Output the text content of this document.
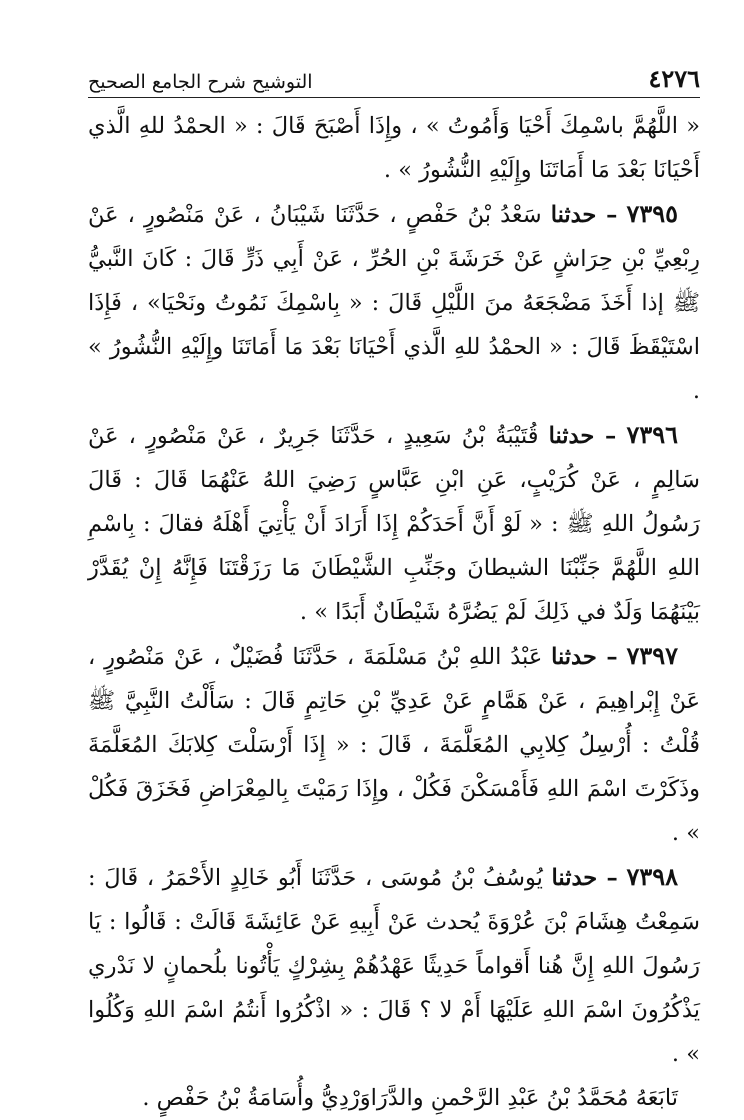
٤٢٧٦
التوشيح شرح الجامع الصحيح

« اللَّهُمَّ باسْمِكَ أَحْيَا وَأَمُوتُ » ، وإِذَا أَصْبَحَ قَالَ : « الحمْدُ للهِ الَّذي أَحْيَانَا بَعْدَ مَا أَمَاتَنَا وإِلَيْهِ النُّشُورُ » .

٧٣٩٥ – حدثنا سَعْدُ بْنُ حَفْصٍ ، حَدَّثَنَا شَيْبَانُ ، عَنْ مَنْصُورٍ ، عَنْ رِبْعِيِّ بْنِ حِرَاشٍ عَنْ خَرَشَةَ بْنِ الحُرِّ ، عَنْ أَبِي ذَرٍّ قَالَ : كَانَ النَّبيُّ ﷺ إذا أَخَذَ مَضْجَعَهُ منَ اللَّيْلِ قَالَ : « بِاسْمِكَ نَمُوتُ ونَحْيَا» ، فَإِذَا اسْتَيْقَظَ قَالَ : « الحمْدُ للهِ الَّذي أَحْيَانَا بَعْدَ مَا أَمَاتَنَا وإِلَيْهِ النُّشُورُ » .

٧٣٩٦ – حدثنا قُتَيْبَةُ بْنُ سَعِيدٍ ، حَدَّثَنَا جَرِيرٌ ، عَنْ مَنْصُورٍ ، عَنْ سَالِمٍ ، عَنْ كُرَيْبٍ، عَنِ ابْنِ عَبَّاسٍ رَضِيَ اللهُ عَنْهُمَا قَالَ : قَالَ رَسُولُ اللهِ ﷺ : « لَوْ أَنَّ أَحَدَكُمْ إِذَا أَرَادَ أَنْ يَأْتِيَ أَهْلَهُ فقالَ : بِاسْمِ اللهِ اللَّهُمَّ جَنِّبْنَا الشيطانَ وجَنِّبِ الشَّيْطَانَ مَا رَزَقْتَنَا فَإِنَّهُ إِنْ يُقَدَّرْ بَيْنَهُمَا وَلَدٌ في ذَلِكَ لَمْ يَضُرَّهُ شَيْطَانٌ أَبَدًا » .

٧٣٩٧ – حدثنا عَبْدُ اللهِ بْنُ مَسْلَمَةَ ، حَدَّثَنَا فُضَيْلٌ ، عَنْ مَنْصُورٍ ، عَنْ إِبْراهِيمَ ، عَنْ هَمَّامٍ عَنْ عَدِيِّ بْنِ حَاتِمٍ قَالَ : سَأَلْتُ النَّبِيَّ ﷺ قُلْتُ : أُرْسِلُ كِلابِي المُعَلَّمَةَ ، قَالَ : « إِذَا أَرْسَلْتَ كِلابَكَ المُعَلَّمَةَ وذَكَرْتَ اسْمَ اللهِ فَأَمْسَكْنَ فَكُلْ ، وإِذَا رَمَيْتَ بِالمِعْرَاضِ فَخَزَقَ فَكُلْ » .

٧٣٩٨ – حدثنا يُوسُفُ بْنُ مُوسَى ، حَدَّثَنَا أَبُو خَالِدٍ الأَحْمَرُ ، قَالَ : سَمِعْتُ هِشَامَ بْنَ عُرْوَةَ يُحدث عَنْ أَبِيهِ عَنْ عَائِشَةَ قَالَتْ : قَالُوا : يَا رَسُولَ اللهِ إِنَّ هُنا أَقواماً حَدِيثًا عَهْدُهُمْ بِشِرْكٍ يَأْتُونا بلُحمانٍ لا نَدْري يَذْكُرُونَ اسْمَ اللهِ عَلَيْهَا أَمْ لا ؟ قَالَ : « اذْكُرُوا أَنتُمُ اسْمَ اللهِ وَكُلُوا » .

تَابَعَهُ مُحَمَّدُ بْنُ عَبْدِ الرَّحْمنِ والدَّرَاوَرْدِيُّ وأُسَامَةُ بْنُ حَفْصٍ .
